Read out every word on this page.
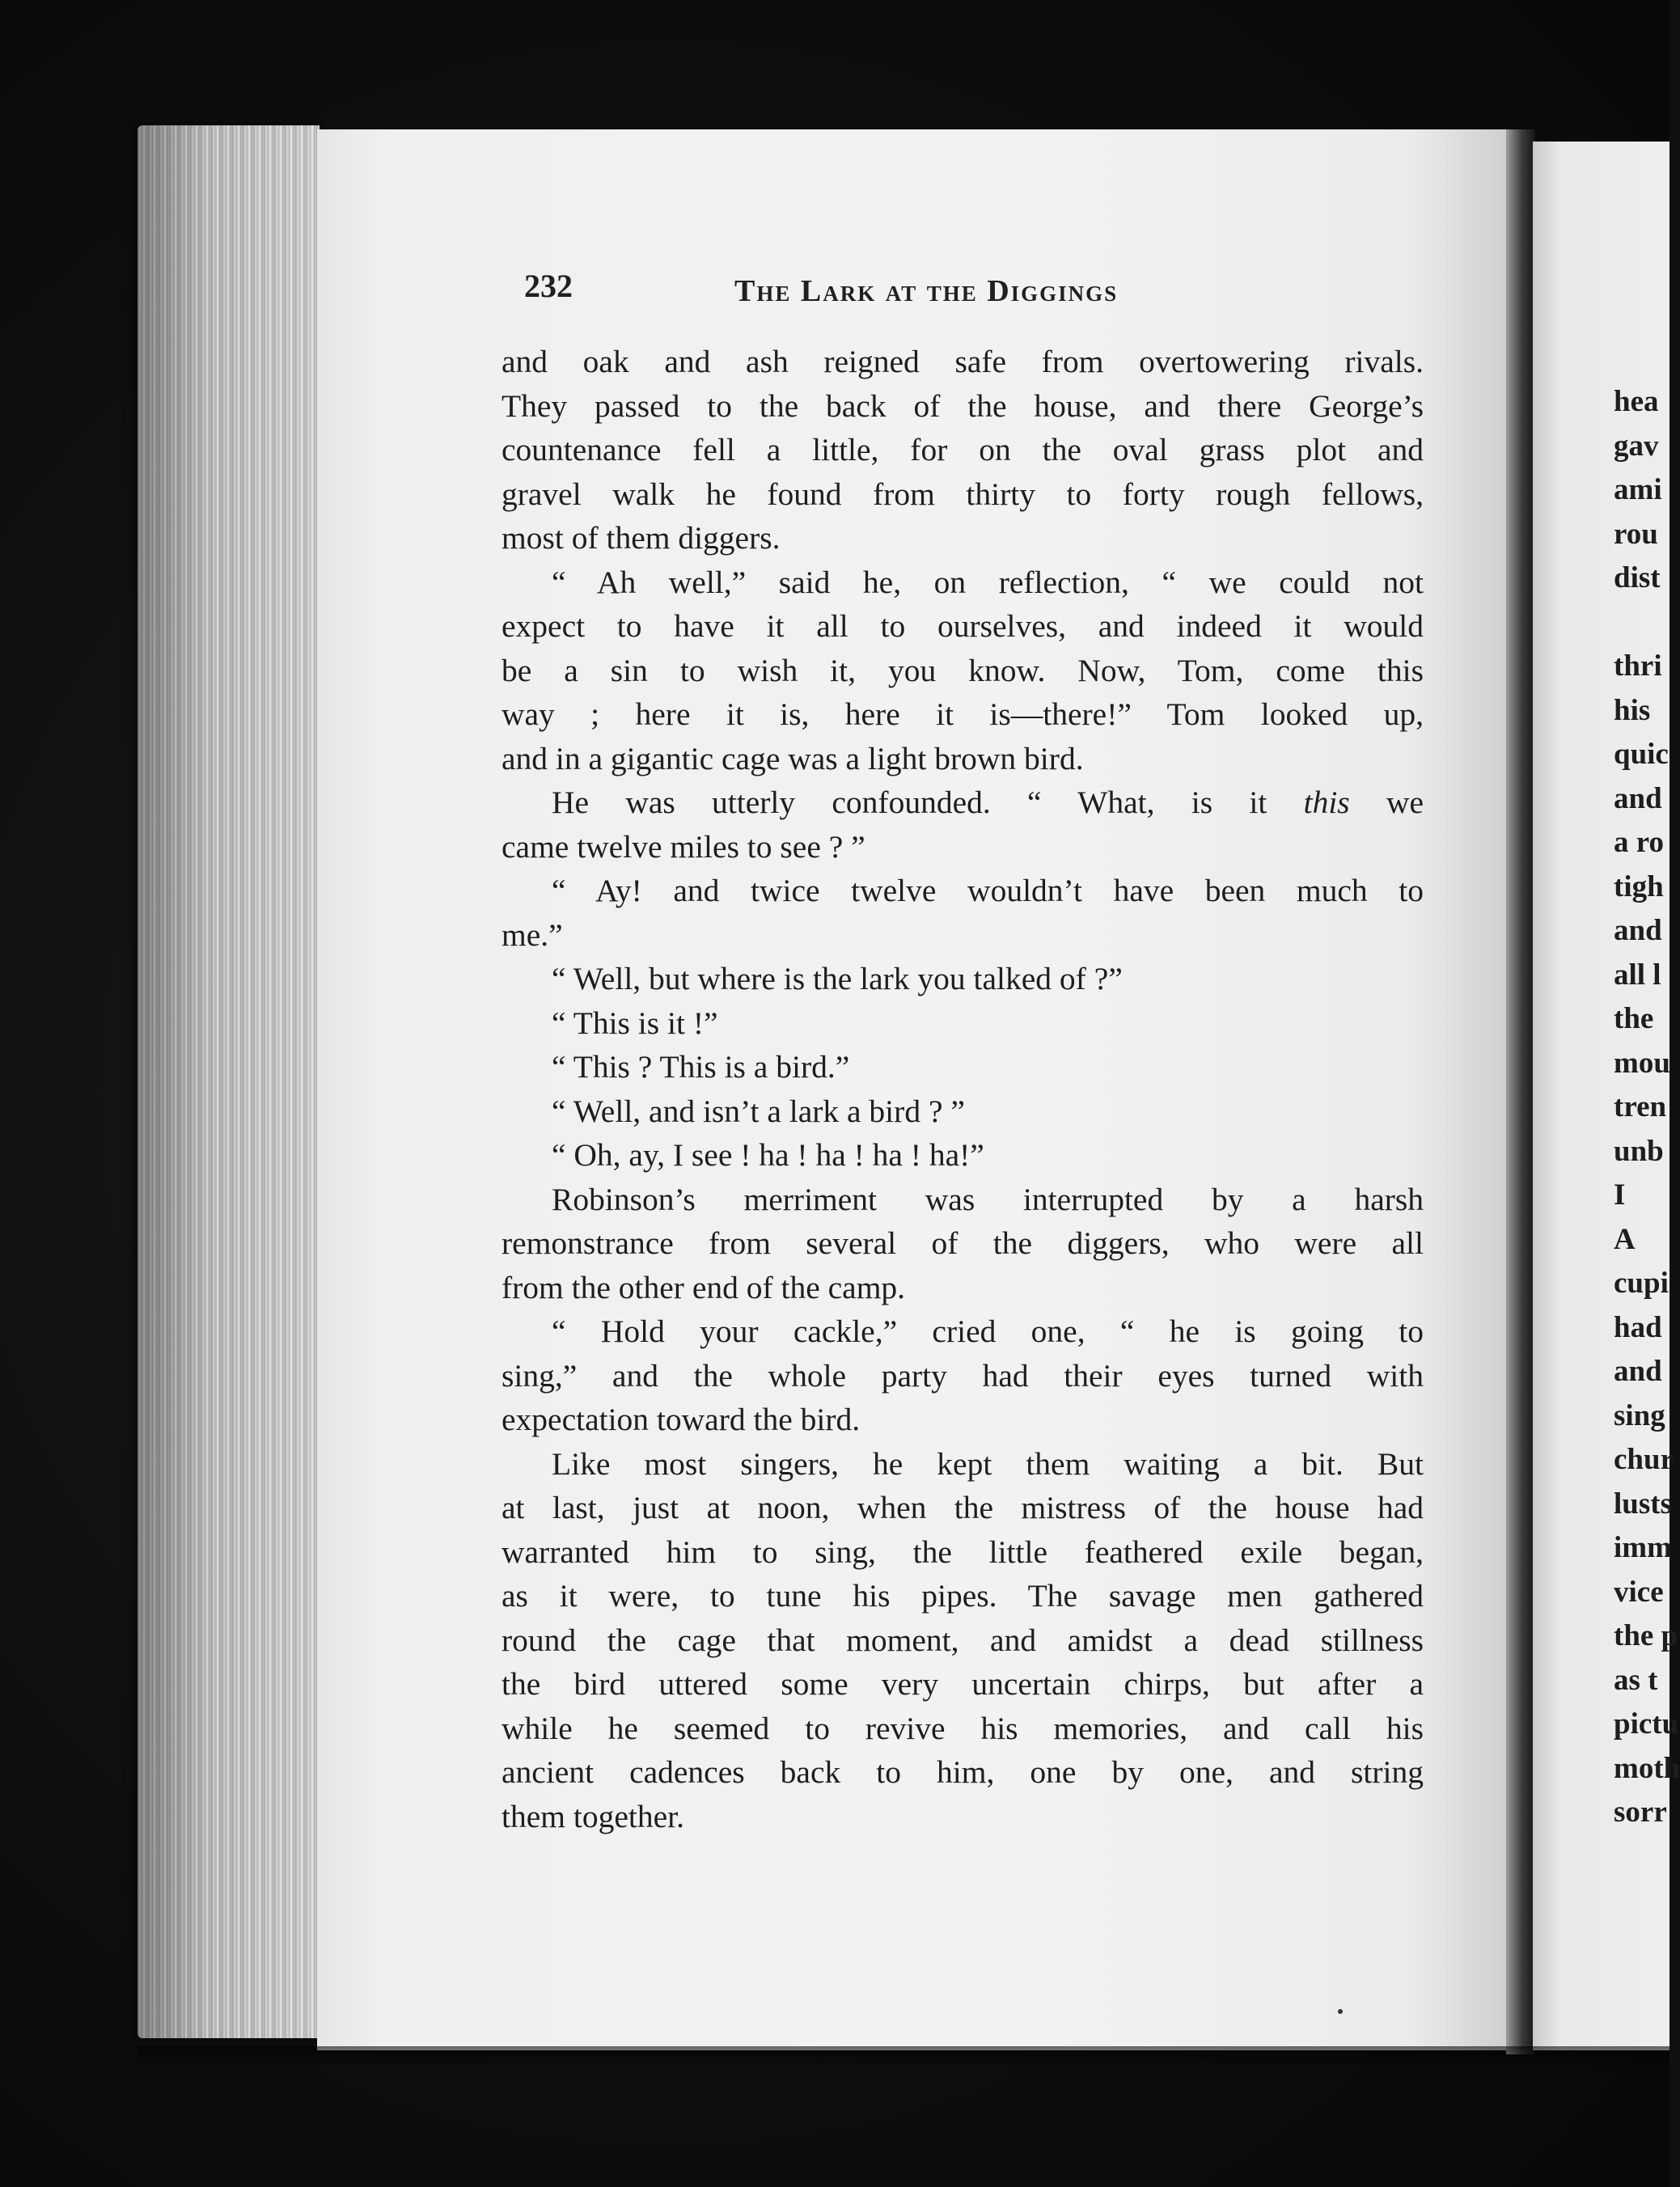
232	The Lark at the Diggings
and oak and ash reigned safe from overtowering rivals.
They passed to the back of the house, and there George’s
countenance fell a little, for on the oval grass plot and
gravel walk he found from thirty to forty rough fellows,
most of them diggers.
“ Ah well,” said he, on reflection, “ we could not
expect to have it all to ourselves, and indeed it would
be a sin to wish it, you know. Now, Tom, come this
way ; here it is, here it is—there!” Tom looked up,
and in a gigantic cage was a light brown bird.
He was utterly confounded. “ What, is it this we
came twelve miles to see ? ”
“ Ay! and twice twelve wouldn’t have been much to
me.”
“ Well, but where is the lark you talked of ?”
“ This is it !”
“ This ? This is a bird.”
“ Well, and isn’t a lark a bird ? ”
“ Oh, ay, I see ! ha ! ha ! ha ! ha!”
Robinson’s merriment was interrupted by a harsh
remonstrance from several of the diggers, who were all
from the other end of the camp.
“ Hold your cackle,” cried one, “ he is going to
sing,” and the whole party had their eyes turned with
expectation toward the bird.
Like most singers, he kept them waiting a bit. But
at last, just at noon, when the mistress of the house had
warranted him to sing, the little feathered exile began,
as it were, to tune his pipes. The savage men gathered
round the cage that moment, and amidst a dead stillness
the bird uttered some very uncertain chirps, but after a
while he seemed to revive his memories, and call his
ancient cadences back to him, one by one, and string
them together.
hea
gav
ami
rou
dist
thri
his
quic
and
a ro
tigh
and
all l
the
mou
tren
unb
I
A
cupi
had
and
sing
chur
lusts
imm
vice
the p
as t
pictu
moth
sorr
